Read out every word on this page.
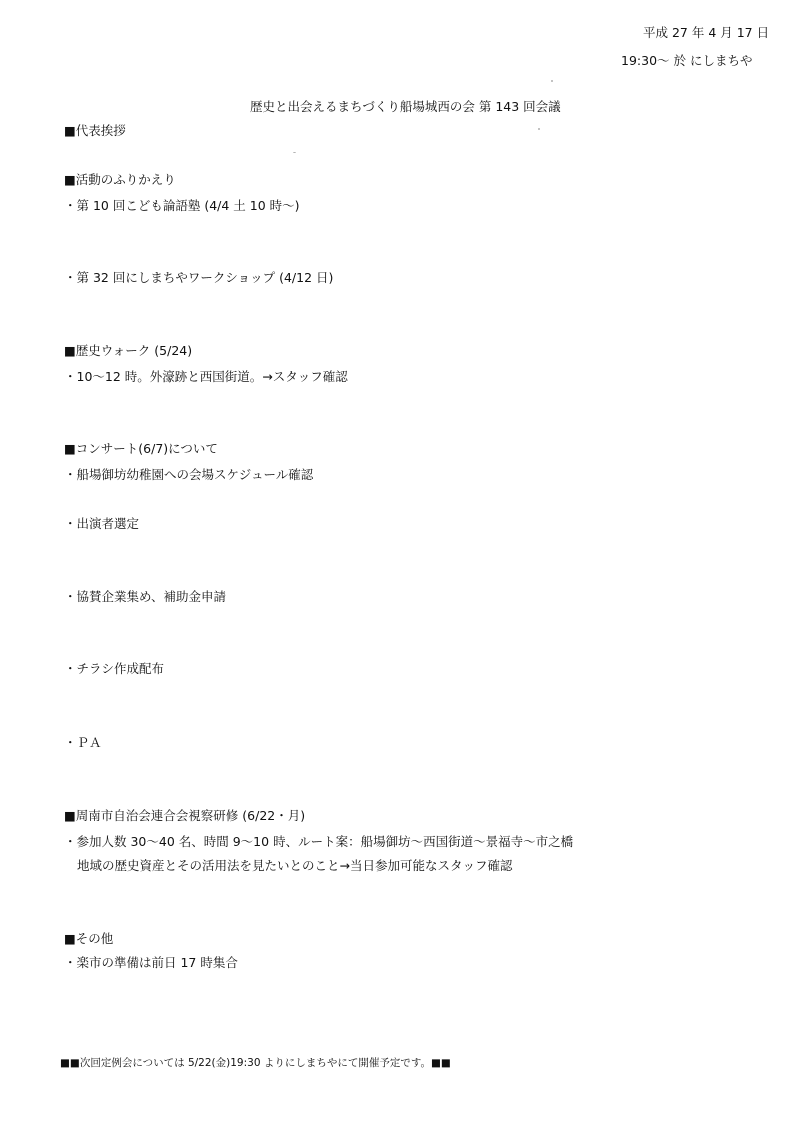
平成 27 年 4 月 17 日
19:30～ 於 にしまちや
歴史と出会えるまちづくり船場城西の会 第 143 回会議
■代表挨拶
■活動のふりかえり
・第 10 回こども論語塾 (4/4 土 10 時～)
・第 32 回にしまちやワークショップ (4/12 日)
■歴史ウォーク (5/24)
・10～12 時。外濠跡と西国街道。→スタッフ確認
■コンサート(6/7)について
・船場御坊幼稚園への会場スケジュール確認
・出演者選定
・協賛企業集め、補助金申請
・チラシ作成配布
・ＰＡ
■周南市自治会連合会視察研修 (6/22・月)
・参加人数 30～40 名、時間 9～10 時、ルート案：船場御坊～西国街道～景福寺～市之橋
地域の歴史資産とその活用法を見たいとのこと→当日参加可能なスタッフ確認
■その他
・楽市の準備は前日 17 時集合
■■次回定例会については 5/22(金)19:30 よりにしまちやにて開催予定です。■■
